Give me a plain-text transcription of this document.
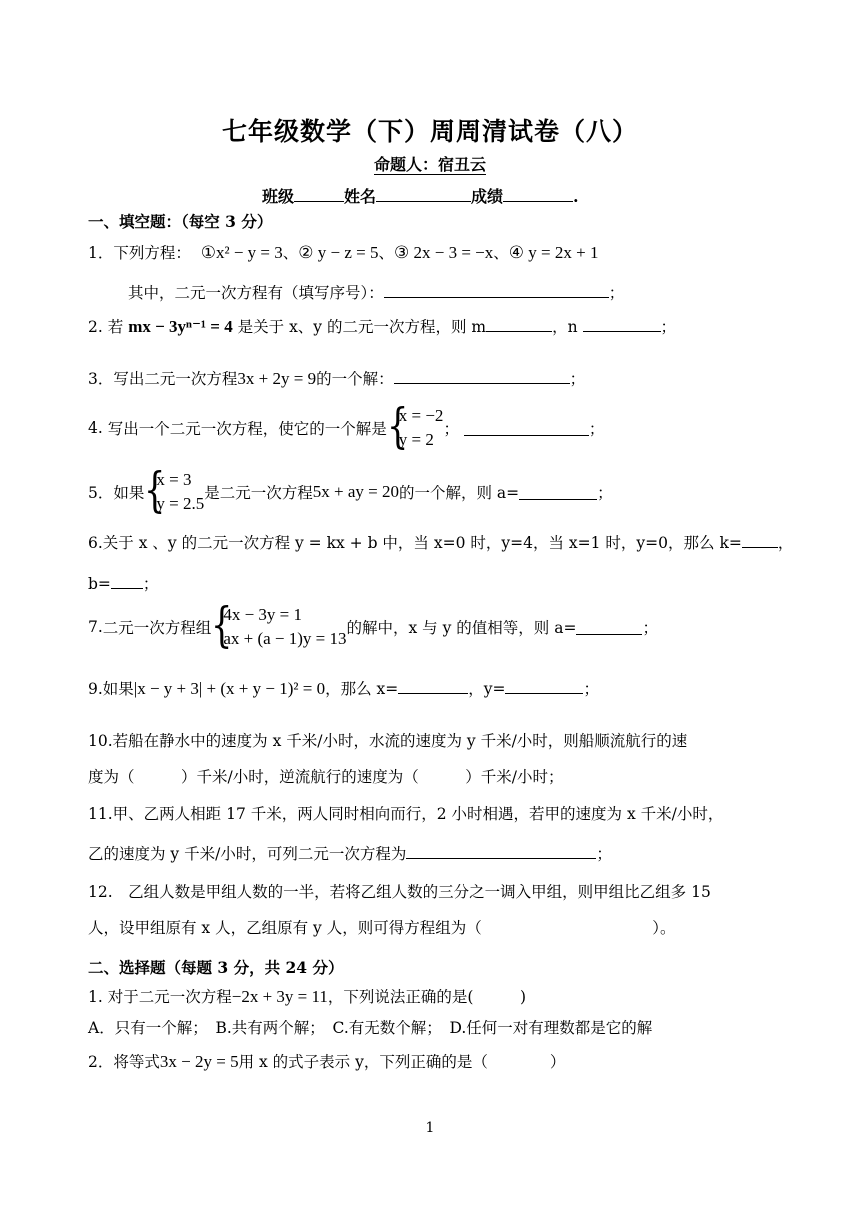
七年级数学（下）周周清试卷（八）
命题人：宿丑云
班级	姓名	成绩	.
一、填空题：（每空 3 分）
1．下列方程： ①x² − y = 3、② y − z = 5、③ 2x − 3 = −x、④ y = 2x + 1
其中，二元一次方程有（填写序号）：	；
2. 若 mx − 3yⁿ⁻¹ = 4 是关于 x、y 的二元一次方程，则 m	，n	；
3．写出二元一次方程3x + 2y = 9的一个解：	；
4.
写出一个二元一次方程，使它的一个解是 {
x = −2
y = 2
；
	；
5． 如果 {
x = 3
y = 2.5
是二元一次方程 5x + ay = 20 的一个解，则 a=	；
6.关于 x 、y 的二元一次方程 y = kx + b 中，当 x=0 时，y=4，当 x=1 时，y=0，那么 k= ，
b= ；
7. 二元一次方程组 {
4x − 3y = 1
ax + (a − 1)y = 13
的解中，x 与 y 的值相等，则 a=	；
9.如果|x − y + 3| + (x + y − 1)² = 0，那么 x=	，y=	；
10.若船在静水中的速度为 x 千米/小时，水流的速度为 y 千米/小时，则船顺流航行的速
度为（　　　）千米/小时，逆流航行的速度为（　　　）千米/小时；
11.甲、乙两人相距 17 千米，两人同时相向而行，2 小时相遇，若甲的速度为 x 千米/小时，
乙的速度为 y 千米/小时，可列二元一次方程为	；
12.　乙组人数是甲组人数的一半，若将乙组人数的三分之一调入甲组，则甲组比乙组多 15
人，设甲组原有 x 人，乙组原有 y 人，则可得方程组为（　　　　　　　　　　　）。
二、选择题（每题 3 分，共 24 分）
1. 对于二元一次方程−2x + 3y = 11，下列说法正确的是(　　　)
A．只有一个解；　B.共有两个解；　C.有无数个解；　D.任何一对有理数都是它的解
2．将等式3x − 2y = 5用 x 的式子表示 y，下列正确的是（　　　　）
1
